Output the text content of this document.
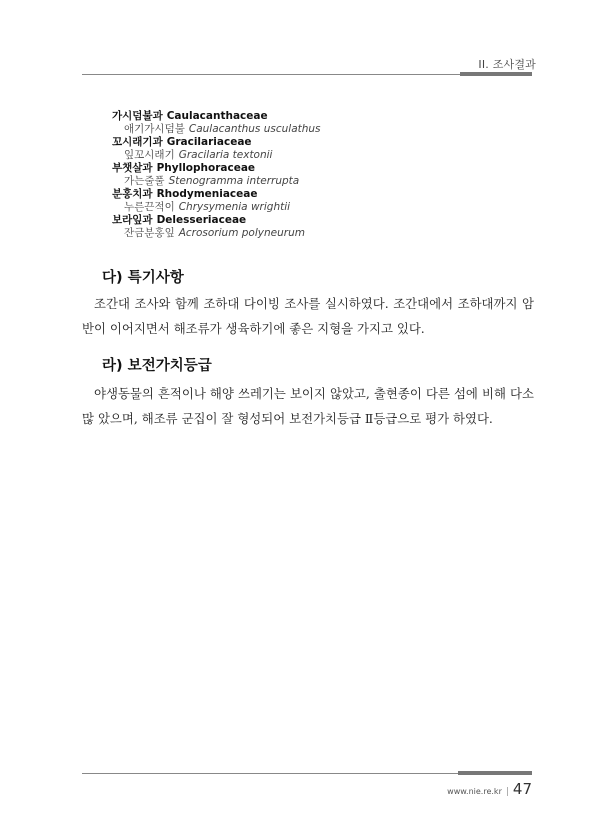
II. 조사결과
가시덤불과 Caulacanthaceae
애기가시덤불 Caulacanthus usculathus
꼬시래기과 Gracilariaceae
잎꼬시래기 Gracilaria textonii
부챗살과 Phyllophoraceae
가는줄풀 Stenogramma interrupta
분홍치과 Rhodymeniaceae
누른끈적이 Chrysymenia wrightii
보라잎과 Delesseriaceae
잔금분홍잎 Acrosorium polyneurum
다) 특기사항

조간대 조사와 함께 조하대 다이빙 조사를 실시하였다. 조간대에서 조하대까지 암반이 이어지면서 해조류가 생육하기에 좋은 지형을 가지고 있다.

라) 보전가치등급

야생동물의 흔적이나 해양 쓰레기는 보이지 않았고, 출현종이 다른 섬에 비해 다소 많 았으며, 해조류 군집이 잘 형성되어 보전가치등급 Ⅱ등급으로 평가 하였다.

www.nie.re.kr | 47
